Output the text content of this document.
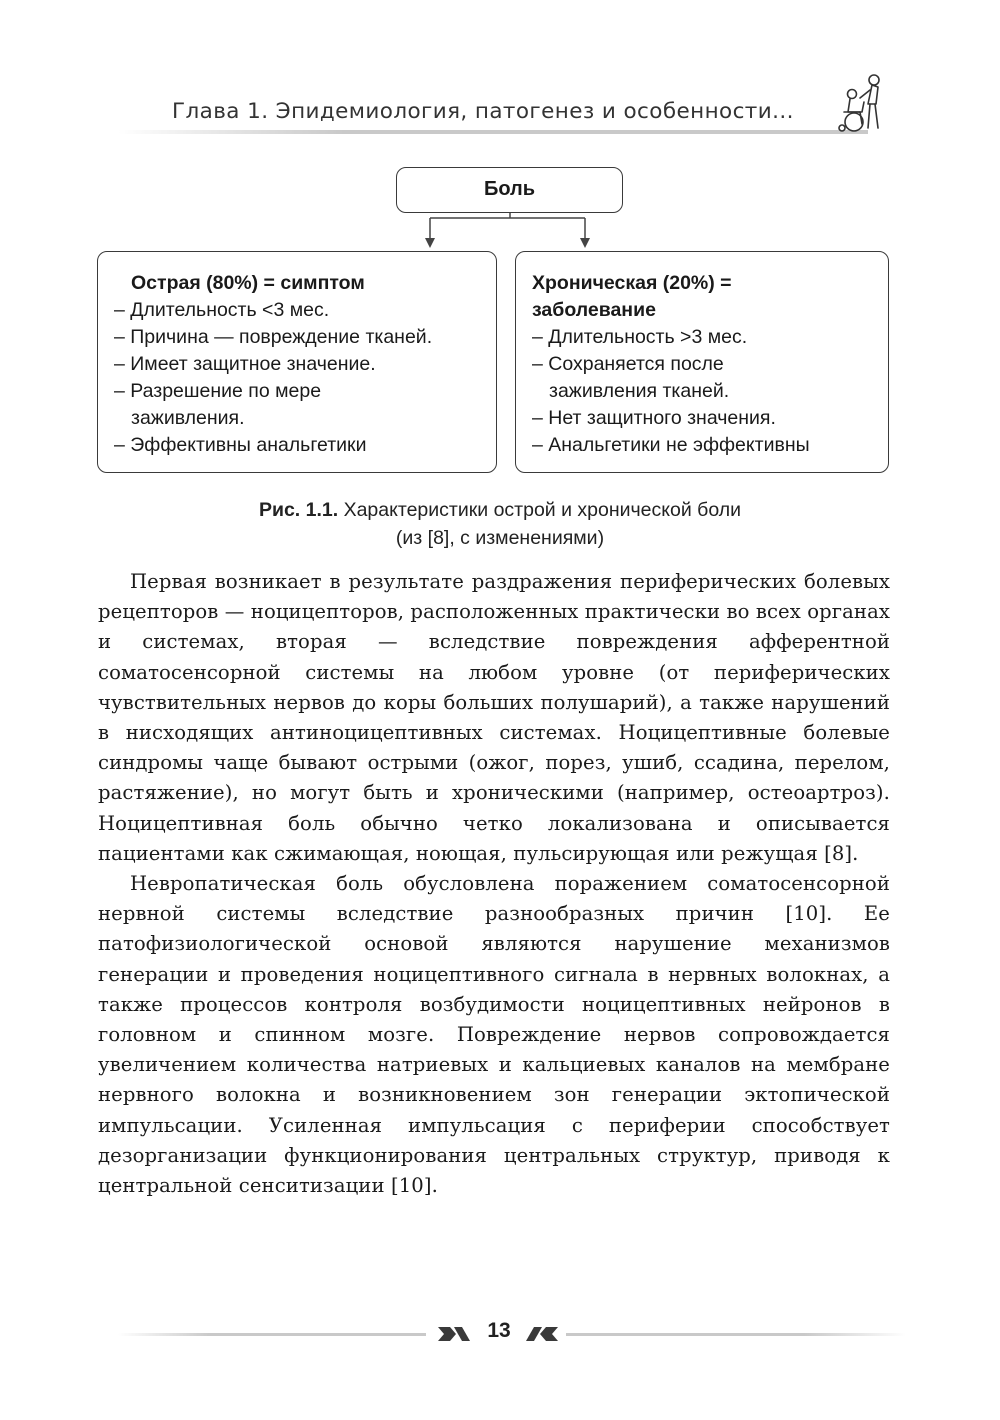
Глава 1. Эпидемиология, патогенез и особенности...
Боль
Острая (80%) = симптом
– Длительность <3 мес.
– Причина — повреждение тканей.
– Имеет защитное значение.
– Разрешение по мере заживления.
– Эффективны анальгетики
Хроническая (20%) = заболевание
– Длительность >3 мес.
– Сохраняется после заживления тканей.
– Нет защитного значения.
– Анальгетики не эффективны
Рис. 1.1. Характеристики острой и хронической боли
(из [8], с изменениями)

Первая возникает в результате раздражения периферических болевых рецепторов — ноцицепторов, расположенных практически во всех органах и системах, вторая — вследствие повреждения афферентной соматосенсорной системы на любом уровне (от периферических чувствительных нервов до коры больших полушарий), а также нарушений в нисходящих антиноцицептивных системах. Ноцицептивные болевые синдромы чаще бывают острыми (ожог, порез, ушиб, ссадина, перелом, растяжение), но могут быть и хроническими (например, остеоартроз). Ноцицептивная боль обычно четко локализована и описывается пациентами как сжимающая, ноющая, пульсирующая или режущая [8].

Невропатическая боль обусловлена поражением соматосенсорной нервной системы вследствие разнообразных причин [10]. Ее патофизиологической основой являются нарушение механизмов генерации и проведения ноцицептивного сигнала в нервных волокнах, а также процессов контроля возбудимости ноцицептивных нейронов в головном и спинном мозге. Повреждение нервов сопровождается увеличением количества натриевых и кальциевых каналов на мембране нервного волокна и возникновением зон генерации эктопической импульсации. Усиленная импульсация с периферии способствует дезорганизации функционирования центральных структур, приводя к центральной сенситизации [10].

13
